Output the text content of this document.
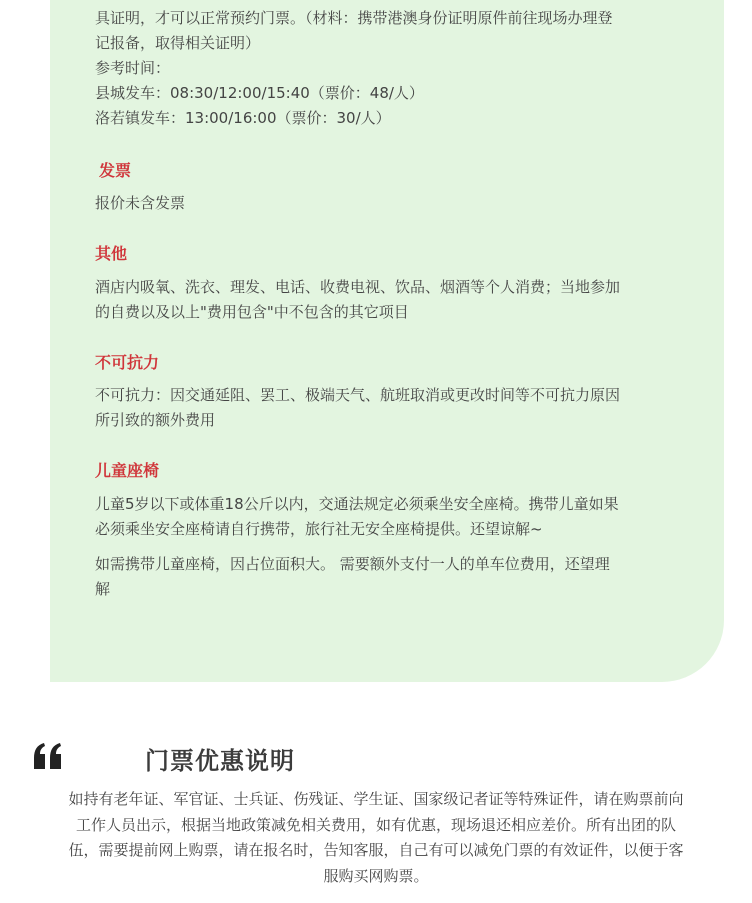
具证明，才可以正常预约门票。（材料：携带港澳身份证明原件前往现场办理登

记报备，取得相关证明）

参考时间：

县城发车：08:30/12:00/15:40（票价：48/人）

洛若镇发车：13:00/16:00（票价：30/人）

发票

报价未含发票

其他

酒店内吸氧、洗衣、理发、电话、收费电视、饮品、烟酒等个人消费；当地参加

的自费以及以上"费用包含"中不包含的其它项目

不可抗力

不可抗力：因交通延阻、罢工、极端天气、航班取消或更改时间等不可抗力原因

所引致的额外费用

儿童座椅

儿童5岁以下或体重18公斤以内，交通法规定必须乘坐安全座椅。携带儿童如果

必须乘坐安全座椅请自行携带，旅行社无安全座椅提供。还望谅解~

如需携带儿童座椅，因占位面积大。 需要额外支付一人的单车位费用，还望理

解

门票优惠说明
如持有老年证、军官证、士兵证、伤残证、学生证、国家级记者证等特殊证件，请在购票前向
工作人员出示，根据当地政策减免相关费用，如有优惠，现场退还相应差价。所有出团的队
伍，需要提前网上购票，请在报名时，告知客服，自己有可以减免门票的有效证件，以便于客
服购买网购票。
